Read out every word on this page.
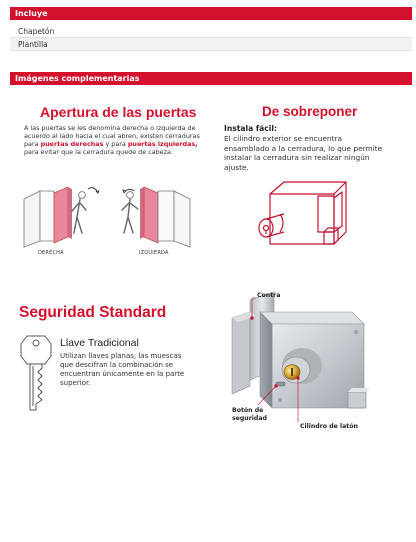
Incluye
Chapetón
Plantilla
Imágenes complementarias
Apertura de las puertas
A las puertas se les denomina derecha o izquierda de acuerdo al lado hacia el cual abren, existen cerraduras para puertas derechas y para puertas izquierdas, para evitar que la cerradura quede de cabeza.
DERECHA	IZQUIERDA
De sobreponer
Instala fácil:
El cilindro exterior se encuentra ensamblado a la cerradura, lo que permite instalar la cerradura sin realizar ningún ajuste.
Seguridad Standard
Llave Tradicional
Utilizan llaves planas, las muescas que descifran la combinación se encuentran únicamente en la parte superior.
Contra
Botón de seguridad
Cilindro de latón
